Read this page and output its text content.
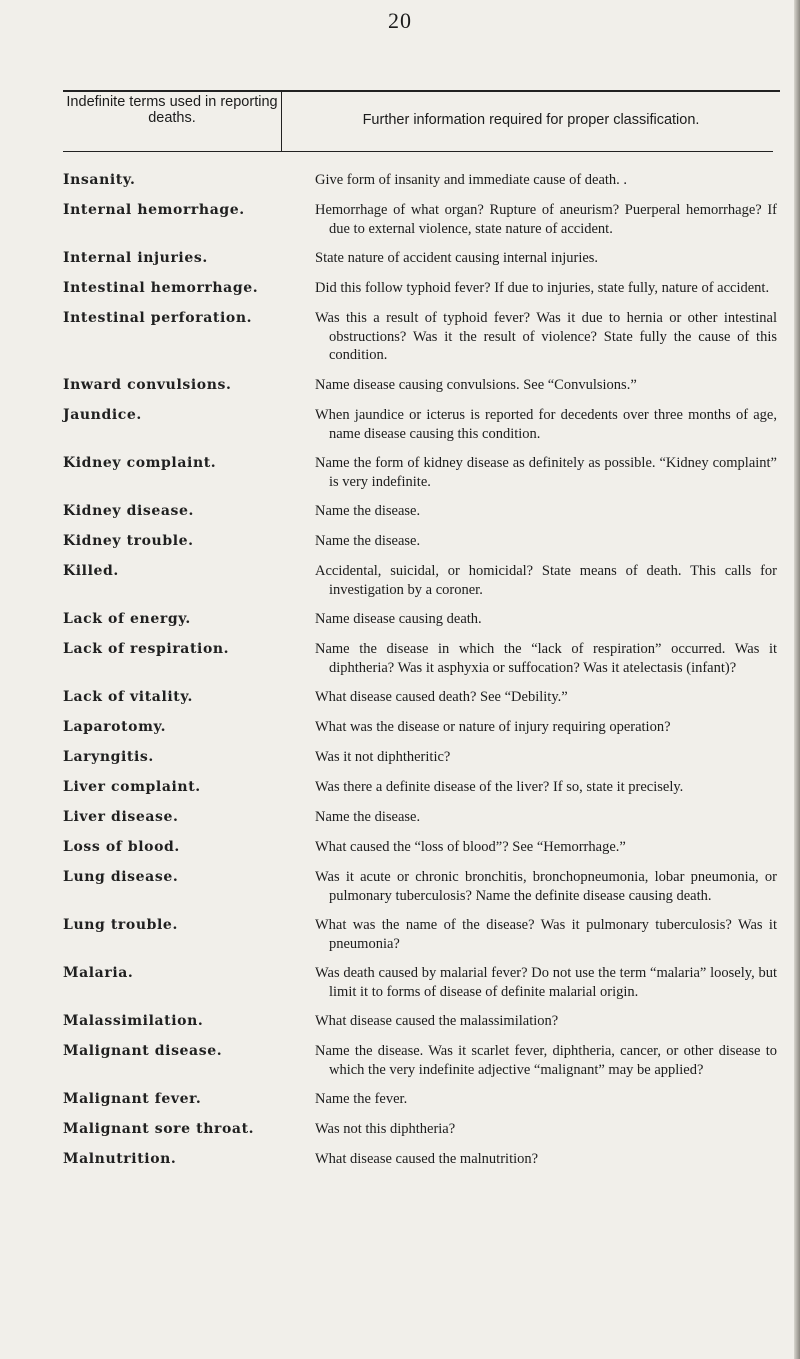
20
Indefinite terms used in reporting deaths.	Further information required for proper classification.
Insanity.	Give form of insanity and immediate cause of death. .
Internal hemorrhage.	Hemorrhage of what organ? Rupture of aneurism? Puerperal hemorrhage? If due to external violence, state nature of accident.
Internal injuries.	State nature of accident causing internal injuries.
Intestinal hemorrhage.	Did this follow typhoid fever? If due to injuries, state fully, nature of accident.
Intestinal perforation.	Was this a result of typhoid fever? Was it due to hernia or other intestinal obstructions? Was it the result of violence? State fully the cause of this condition.
Inward convulsions.	Name disease causing convulsions. See “Convulsions.”
Jaundice.	When jaundice or icterus is reported for decedents over three months of age, name disease causing this condition.
Kidney complaint.	Name the form of kidney disease as definitely as possible. “Kidney complaint” is very indefinite.
Kidney disease.	Name the disease.
Kidney trouble.	Name the disease.
Killed.	Accidental, suicidal, or homicidal? State means of death. This calls for investigation by a coroner.
Lack of energy.	Name disease causing death.
Lack of respiration.	Name the disease in which the “lack of respiration” occurred. Was it diphtheria? Was it asphyxia or suffocation? Was it atelectasis (infant)?
Lack of vitality.	What disease caused death? See “Debility.”
Laparotomy.	What was the disease or nature of injury requiring operation?
Laryngitis.	Was it not diphtheritic?
Liver complaint.	Was there a definite disease of the liver? If so, state it precisely.
Liver disease.	Name the disease.
Loss of blood.	What caused the “loss of blood”? See “Hemorrhage.”
Lung disease.	Was it acute or chronic bronchitis, bronchopneumonia, lobar pneumonia, or pulmonary tuberculosis? Name the definite disease causing death.
Lung trouble.	What was the name of the disease? Was it pulmonary tuberculosis? Was it pneumonia?
Malaria.	Was death caused by malarial fever? Do not use the term “malaria” loosely, but limit it to forms of disease of definite malarial origin.
Malassimilation.	What disease caused the malassimilation?
Malignant disease.	Name the disease. Was it scarlet fever, diphtheria, cancer, or other disease to which the very indefinite adjective “malignant” may be applied?
Malignant fever.	Name the fever.
Malignant sore throat.	Was not this diphtheria?
Malnutrition.	What disease caused the malnutrition?
